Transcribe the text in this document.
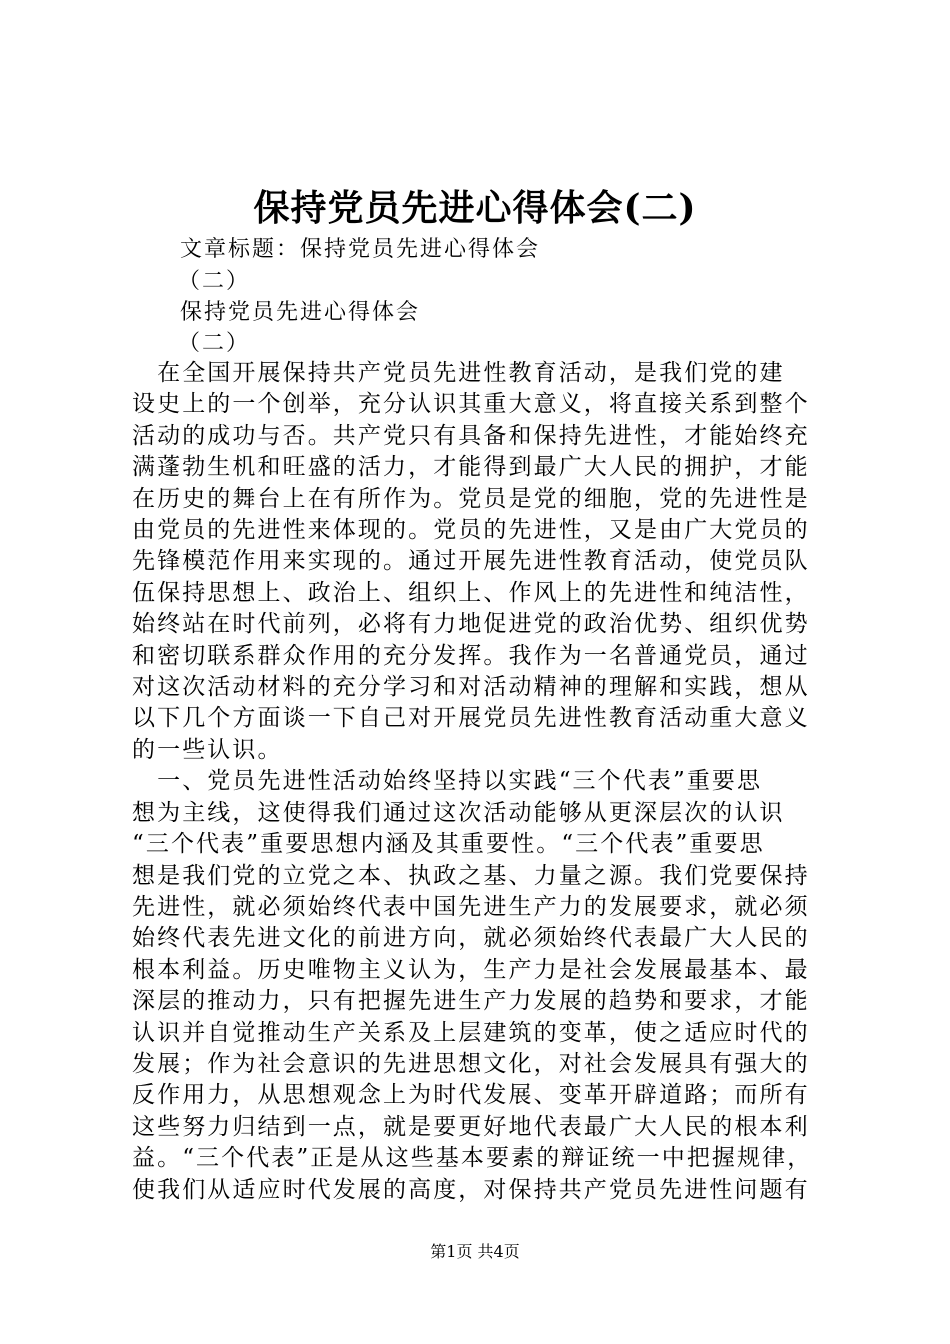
保持党员先进心得体会(二)
文章标题：保持党员先进心得体会
（二）
保持党员先进心得体会
（二）
　在全国开展保持共产党员先进性教育活动，是我们党的建
设史上的一个创举，充分认识其重大意义，将直接关系到整个
活动的成功与否。共产党只有具备和保持先进性，才能始终充
满蓬勃生机和旺盛的活力，才能得到最广大人民的拥护，才能
在历史的舞台上在有所作为。党员是党的细胞，党的先进性是
由党员的先进性来体现的。党员的先进性，又是由广大党员的
先锋模范作用来实现的。通过开展先进性教育活动，使党员队
伍保持思想上、政治上、组织上、作风上的先进性和纯洁性，
始终站在时代前列，必将有力地促进党的政治优势、组织优势
和密切联系群众作用的充分发挥。我作为一名普通党员，通过
对这次活动材料的充分学习和对活动精神的理解和实践，想从
以下几个方面谈一下自己对开展党员先进性教育活动重大意义
的一些认识。
　一、党员先进性活动始终坚持以实践“三个代表”重要思
想为主线，这使得我们通过这次活动能够从更深层次的认识
“三个代表”重要思想内涵及其重要性。“三个代表”重要思
想是我们党的立党之本、执政之基、力量之源。我们党要保持
先进性，就必须始终代表中国先进生产力的发展要求，就必须
始终代表先进文化的前进方向，就必须始终代表最广大人民的
根本利益。历史唯物主义认为，生产力是社会发展最基本、最
深层的推动力，只有把握先进生产力发展的趋势和要求，才能
认识并自觉推动生产关系及上层建筑的变革，使之适应时代的
发展；作为社会意识的先进思想文化，对社会发展具有强大的
反作用力，从思想观念上为时代发展、变革开辟道路；而所有
这些努力归结到一点，就是要更好地代表最广大人民的根本利
益。“三个代表”正是从这些基本要素的辩证统一中把握规律，
使我们从适应时代发展的高度，对保持共产党员先进性问题有
第1页 共4页
